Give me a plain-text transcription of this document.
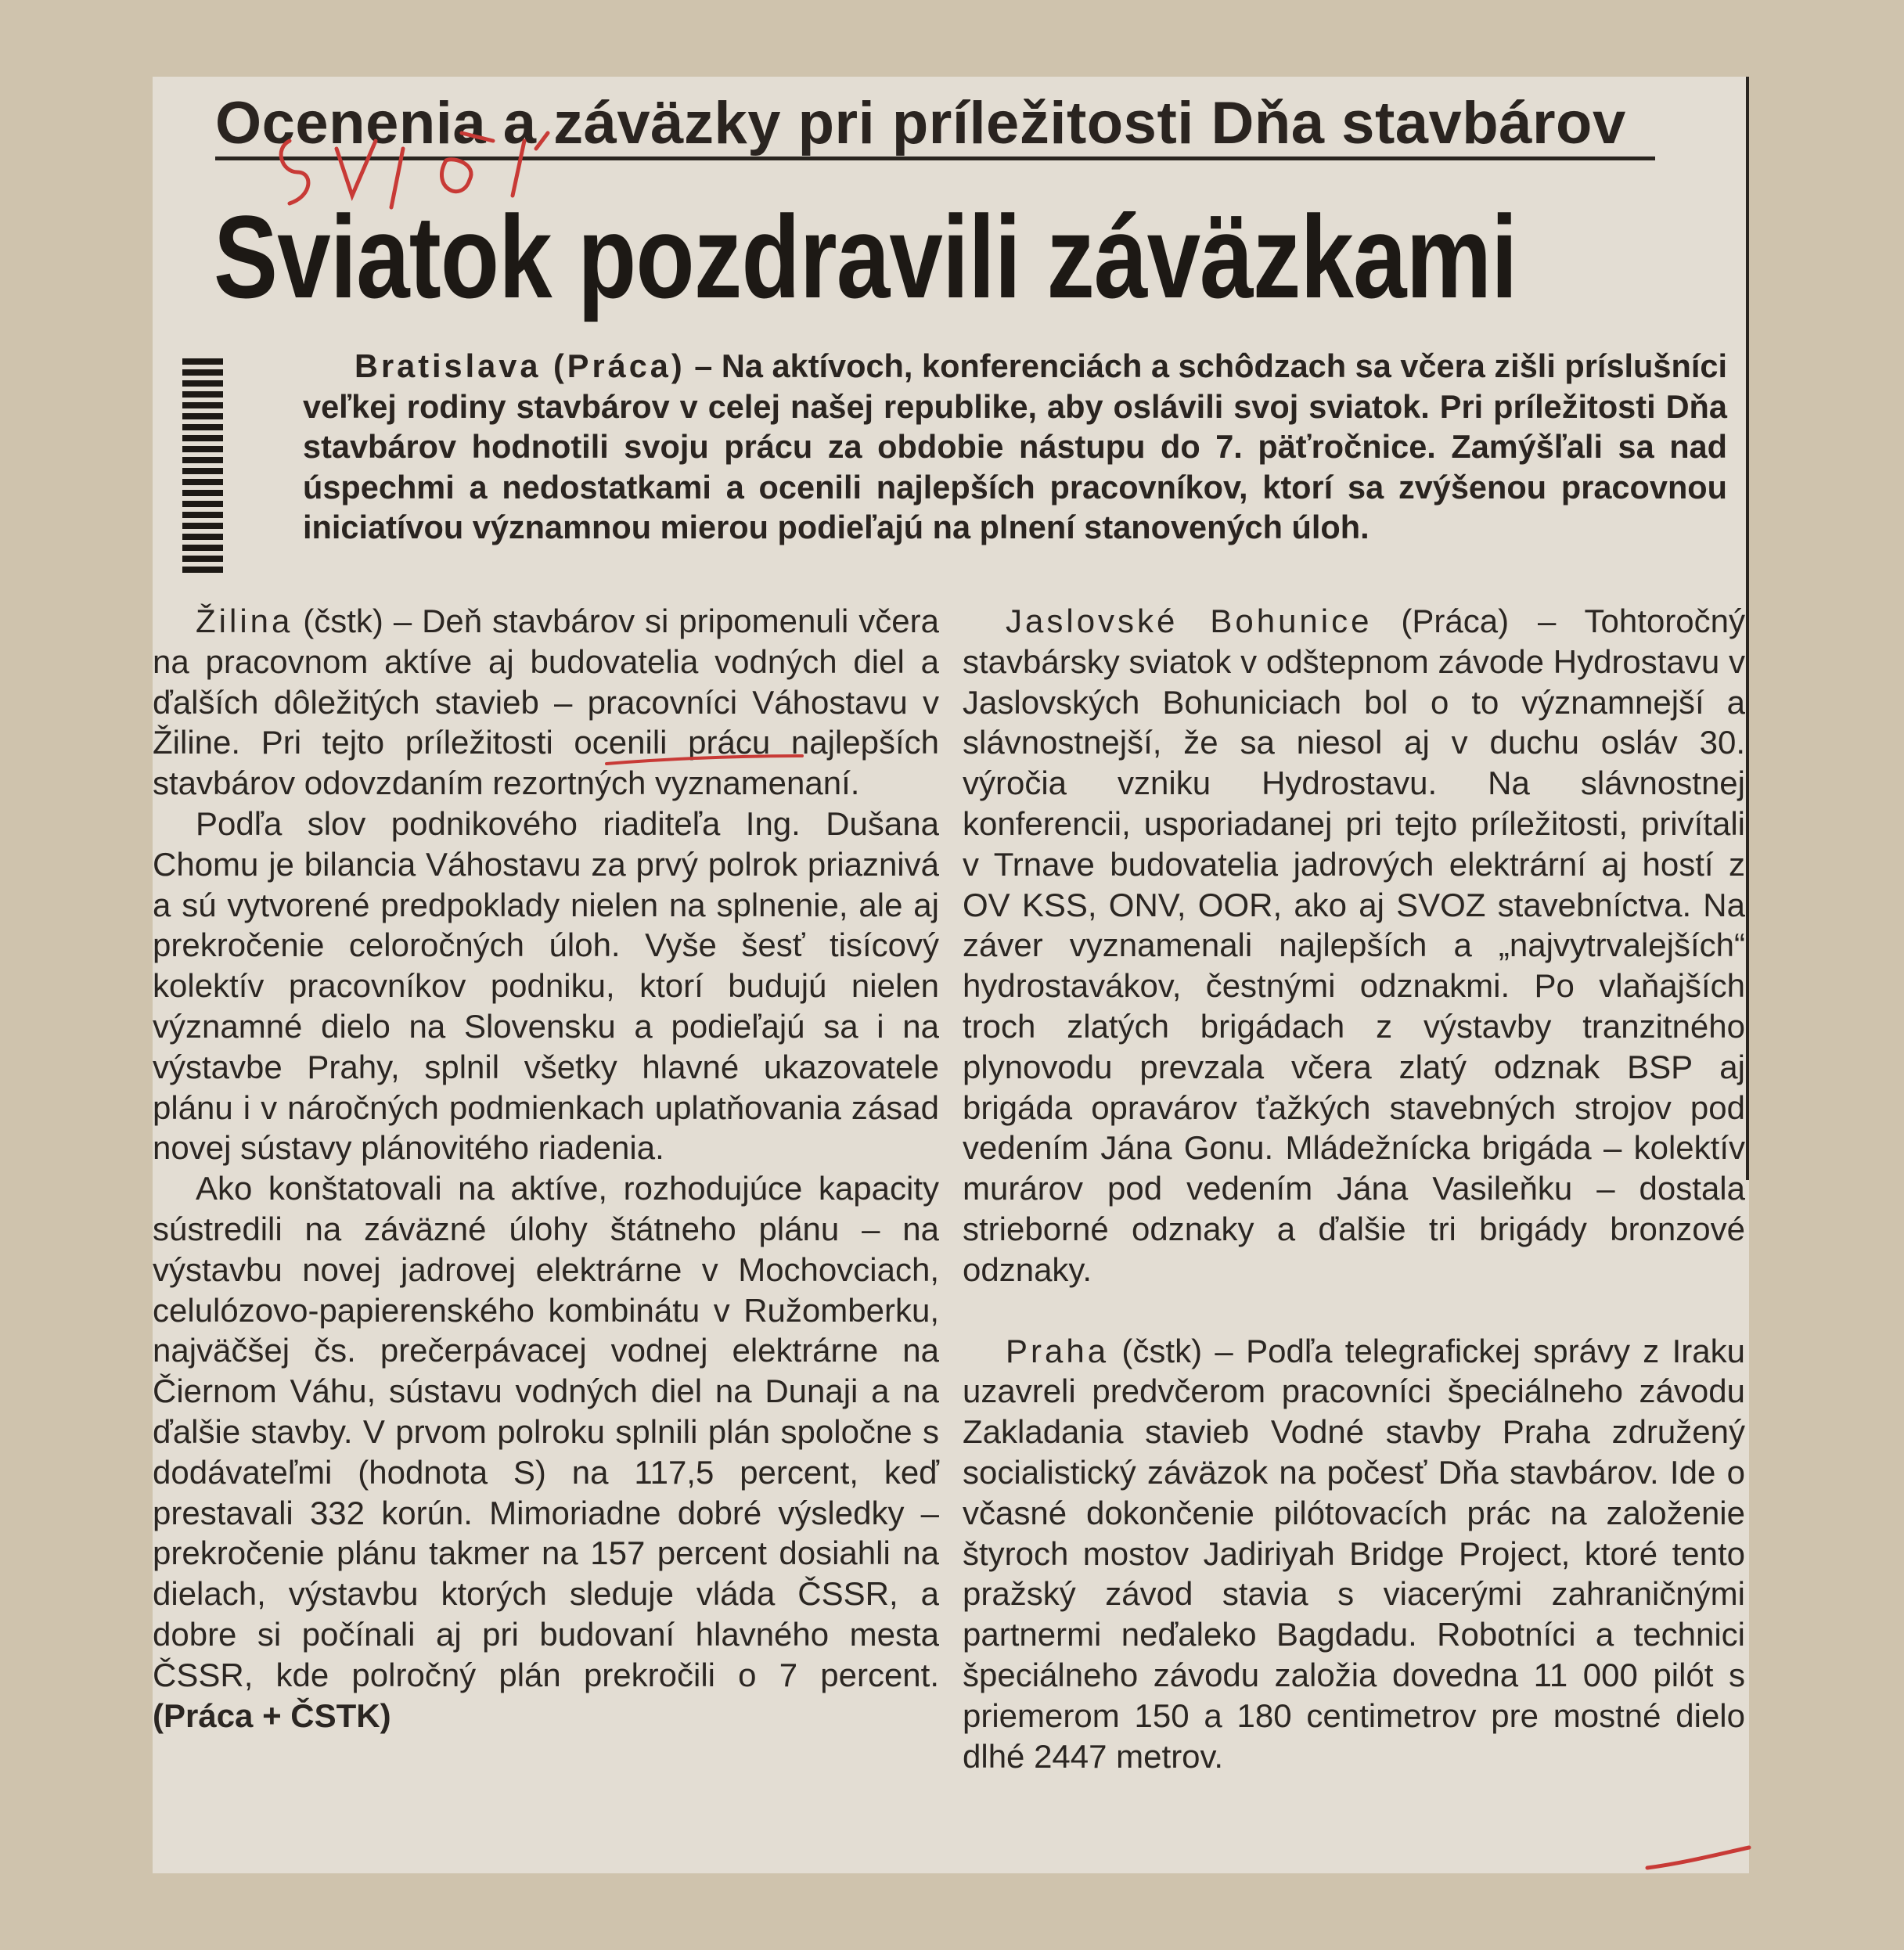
Ocenenia a záväzky pri príležitosti Dňa stavbárov
Sviatok pozdravili záväzkami

Bratislava (Práca) – Na aktívoch, konferenciách a schôdzach sa včera zišli príslušníci veľkej rodiny stavbárov v celej našej republike, aby oslávili svoj sviatok. Pri príležitosti Dňa stavbárov hodnotili svoju prácu za obdobie nástupu do 7. päťročnice. Zamýšľali sa nad úspechmi a nedostatkami a ocenili najlepších pracovníkov, ktorí sa zvýšenou pracovnou iniciatívou významnou mierou podieľajú na plnení stanovených úloh.

Žilina (čstk) – Deň stavbárov si pripomenuli včera na pracovnom aktíve aj budovatelia vodných diel a ďalších dôležitých stavieb – pracovníci Váhostavu v Žiline. Pri tejto príležitosti ocenili prácu najlepších stavbárov odovzdaním rezortných vyznamenaní.

Podľa slov podnikového riaditeľa Ing. Dušana Chomu je bilancia Váhostavu za prvý polrok priaznivá a sú vytvorené predpoklady nielen na splnenie, ale aj prekročenie celoročných úloh. Vyše šesť tisícový kolektív pracovníkov podniku, ktorí budujú nielen významné dielo na Slovensku a podieľajú sa i na výstavbe Prahy, splnil všetky hlavné ukazovatele plánu i v náročných podmienkach uplatňovania zásad novej sústavy plánovitého riadenia.

Ako konštatovali na aktíve, rozhodujúce kapacity sústredili na záväzné úlohy štátneho plánu – na výstavbu novej jadrovej elektrárne v Mochovciach, celulózovo-papierenského kombinátu v Ružomberku, najväčšej čs. prečerpávacej vodnej elektrárne na Čiernom Váhu, sústavu vodných diel na Dunaji a na ďalšie stavby. V prvom polroku splnili plán spoločne s dodávateľmi (hodnota S) na 117,5 percent, keď prestavali 332 korún. Mimoriadne dobré výsledky – prekročenie plánu takmer na 157 percent dosiahli na dielach, výstavbu ktorých sleduje vláda ČSSR, a dobre si počínali aj pri budovaní hlavného mesta ČSSR, kde polročný plán prekročili o 7 percent. (Práca + ČSTK)

Jaslovské Bohunice (Práca) – Tohtoročný stavbársky sviatok v odštepnom závode Hydrostavu v Jaslovských Bohuniciach bol o to významnejší a slávnostnejší, že sa niesol aj v duchu osláv 30. výročia vzniku Hydrostavu. Na slávnostnej konferencii, usporiadanej pri tejto príležitosti, privítali v Trnave budovatelia jadrových elektrární aj hostí z OV KSS, ONV, OOR, ako aj SVOZ stavebníctva. Na záver vyznamenali najlepších a „najvytrvalejších“ hydrostavákov, čestnými odznakmi. Po vlaňajších troch zlatých brigádach z výstavby tranzitného plynovodu prevzala včera zlatý odznak BSP aj brigáda opravárov ťažkých stavebných strojov pod vedením Jána Gonu. Mládežnícka brigáda – kolektív murárov pod vedením Jána Vasileňku – dostala strieborné odznaky a ďalšie tri brigády bronzové odznaky.

Praha (čstk) – Podľa telegrafickej správy z Iraku uzavreli predvčerom pracovníci špeciálneho závodu Zakladania stavieb Vodné stavby Praha združený socialistický záväzok na počesť Dňa stavbárov. Ide o včasné dokončenie pilótovacích prác na založenie štyroch mostov Jadiriyah Bridge Project, ktoré tento pražský závod stavia s viacerými zahraničnými partnermi neďaleko Bagdadu. Robotníci a technici špeciálneho závodu založia dovedna 11 000 pilót s priemerom 150 a 180 centimetrov pre mostné dielo dlhé 2447 metrov.
